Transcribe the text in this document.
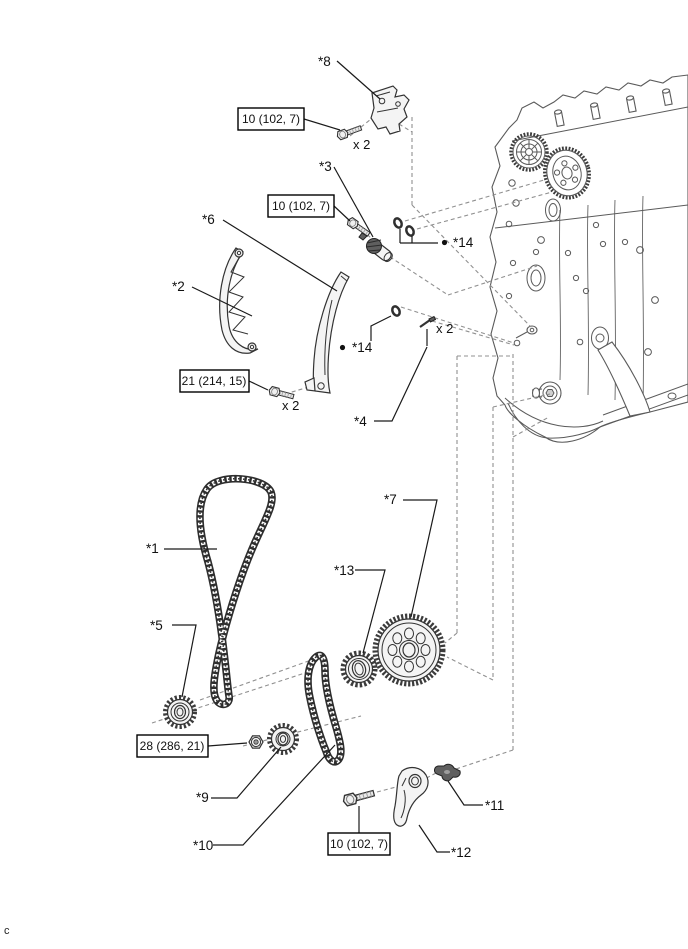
10 (102, 7)
10 (102, 7)
21 (214, 15)
28 (286, 21)
10 (102, 7)
*8
*3
*6
*2
*14
*14
*4
*1
*5
*13
*7
*9
*10
*11
*12
x 2
x 2
x 2
c
